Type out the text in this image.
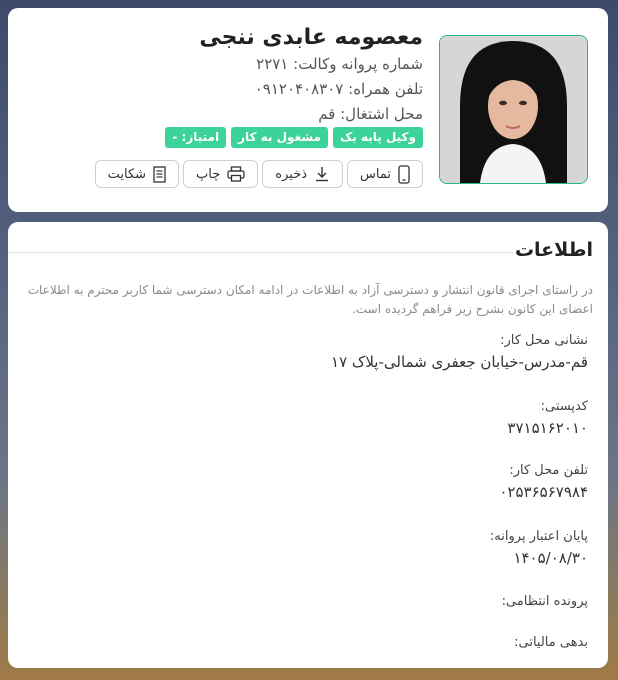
معصومه عابدی ننجی
شماره پروانه وکالت: ۲۲۷۱
تلفن همراه: ۰۹۱۲۰۴۰۸۳۰۷
محل اشتغال: قم
وکیل پایه یک
مشغول به کار
امتیاز: -
تماس
ذخیره
چاپ
شکایت
اطلاعات

در راستای اجرای قانون انتشار و دسترسی آزاد به اطلاعات در ادامه امکان دسترسی شما کاربر محترم به اطلاعات اعضای این کانون بشرح زیر فراهم گردیده است.

نشانی محل کار:
قم-مدرس-خیابان جعفری شمالی-پلاک ۱۷
کدپستی:
۳۷۱۵۱۶۲۰۱۰
تلفن محل کار:
۰۲۵۳۶۵۶۷۹۸۴
پایان اعتبار پروانه:
۱۴۰۵/۰۸/۳۰
پرونده انتظامی:
بدهی مالیاتی:
